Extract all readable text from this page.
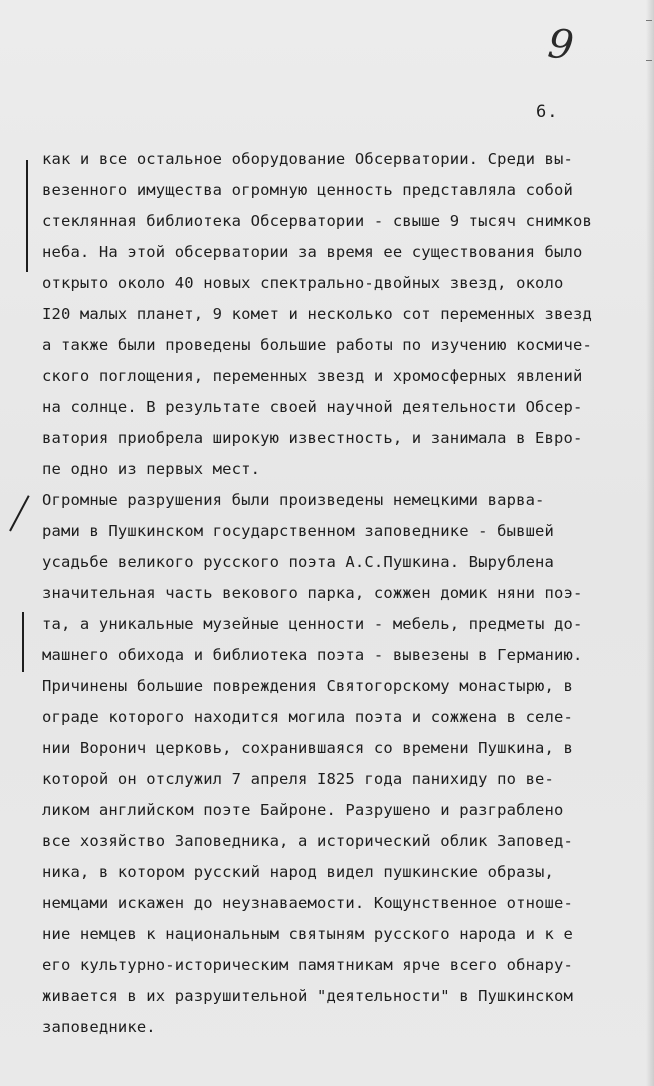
9
6.
как и все остальное оборудование Обсерватории. Среди вы-
везенного имущества огромную ценность представляла собой
стеклянная библиотека Обсерватории - свыше 9 тысяч снимков
неба. На этой обсерватории за время ее существования было
открыто около 40 новых спектрально-двойных звезд, около
I20 малых планет, 9 комет и несколько сот переменных звезд
а также были проведены большие работы по изучению космиче-
ского поглощения, переменных звезд и хромосферных явлений
на солнце. В результате своей научной деятельности Обсер-
ватория приобрела широкую известность, и занимала в Евро-
пе одно из первых мест.
Огромные разрушения были произведены немецкими варва-
рами в Пушкинском государственном заповеднике - бывшей
усадьбе великого русского поэта А.С.Пушкина. Вырублена
значительная часть векового парка, сожжен домик няни поэ-
та, а уникальные музейные ценности - мебель, предметы до-
машнего обихода и библиотека поэта - вывезены в Германию.
Причинены большие повреждения Святогорскому монастырю, в
ограде которого находится могила поэта и сожжена в селе-
нии Воронич церковь, сохранившаяся со времени Пушкина, в
которой он отслужил 7 апреля I825 года панихиду по ве-
ликом английском поэте Байроне. Разрушено и разграблено
все хозяйство Заповедника, а исторический облик Заповед-
ника, в котором русский народ видел пушкинские образы,
немцами искажен до неузнаваемости. Кощунственное отноше-
ние немцев к национальным святыням русского народа и к е
его культурно-историческим памятникам ярче всего обнару-
живается в их разрушительной "деятельности" в Пушкинском
заповеднике.
